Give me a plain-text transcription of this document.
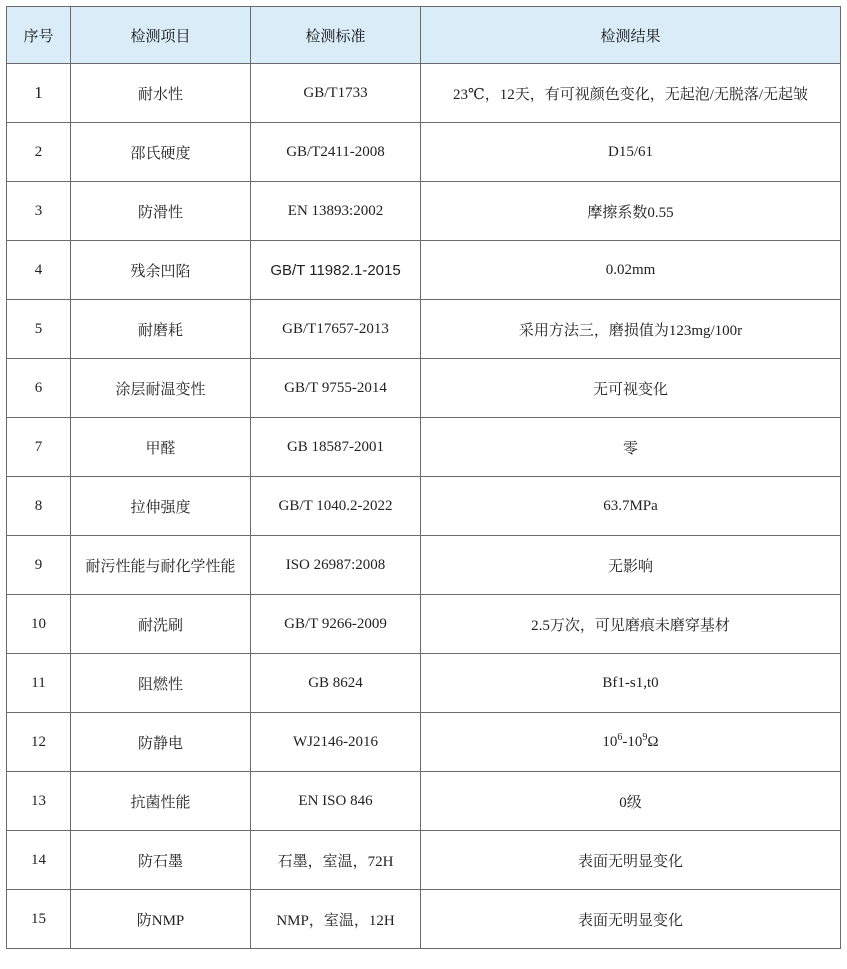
序号	检测项目	检测标准	检测结果
1	耐水性	GB/T1733	23℃，12天，有可视颜色变化，无起泡/无脱落/无起皱
2	邵氏硬度	GB/T2411-2008	D15/61
3	防滑性	EN 13893:2002	摩擦系数0.55
4	残余凹陷	GB/T 11982.1-2015	0.02mm
5	耐磨耗	GB/T17657-2013	采用方法三，磨损值为123mg/100r
6	涂层耐温变性	GB/T 9755-2014	无可视变化
7	甲醛	GB 18587-2001	零
8	拉伸强度	GB/T 1040.2-2022	63.7MPa
9	耐污性能与耐化学性能	ISO 26987:2008	无影响
10	耐洗刷	GB/T 9266-2009	2.5万次，可见磨痕未磨穿基材
11	阻燃性	GB 8624	Bf1-s1,t0
12	防静电	WJ2146-2016	$10^6-10^9\Omega$
13	抗菌性能	EN ISO 846	0级
14	防石墨	石墨，室温，72H	表面无明显变化
15	防NMP	NMP，室温，12H	表面无明显变化
